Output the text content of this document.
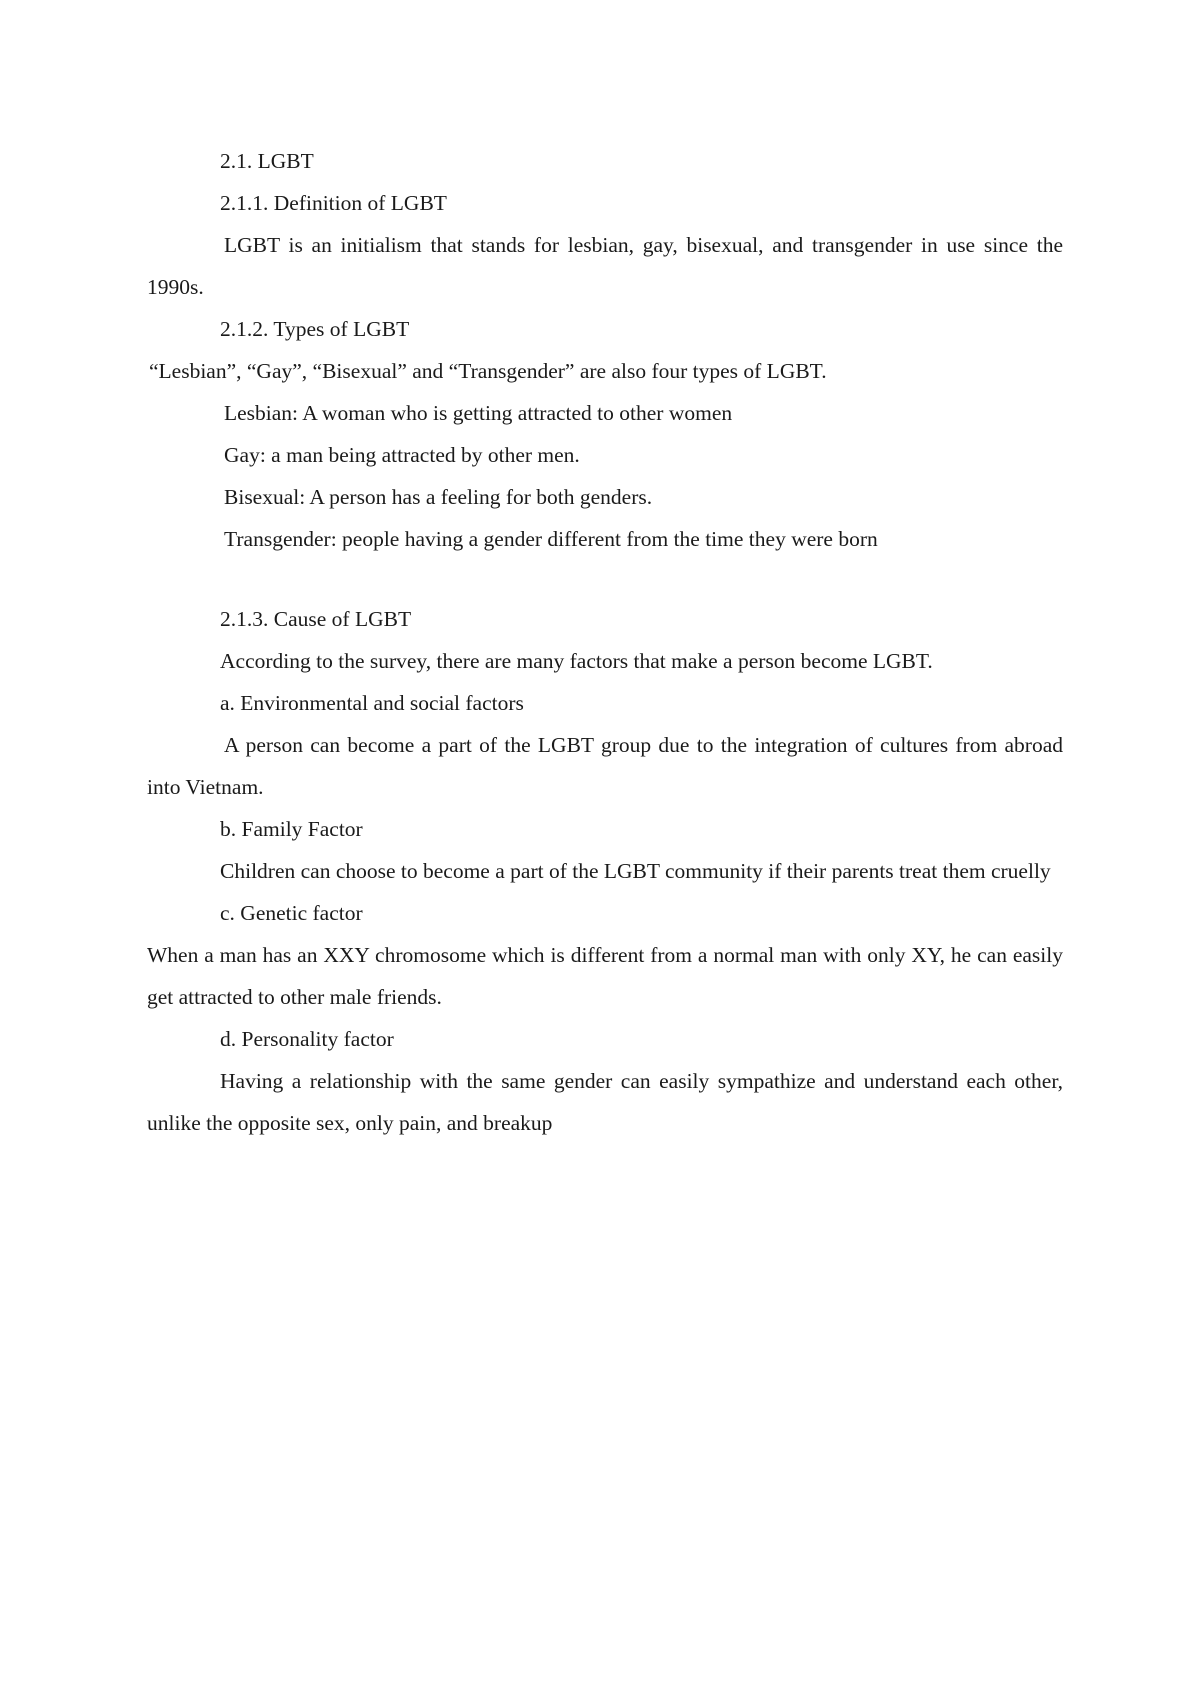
2.1. LGBT

2.1.1. Definition of LGBT

LGBT is an initialism that stands for lesbian, gay, bisexual, and transgender in use since the 1990s.

2.1.2. Types of LGBT

“Lesbian”, “Gay”, “Bisexual” and “Transgender” are also four types of LGBT.

Lesbian: A woman who is getting attracted to other women

Gay: a man being attracted by other men.

Bisexual: A person has a feeling for both genders.

Transgender: people having a gender different from the time they were born

2.1.3. Cause of LGBT

According to the survey, there are many factors that make a person become LGBT.

a. Environmental and social factors

A person can become a part of the LGBT group due to the integration of cultures from abroad into Vietnam.

b. Family Factor

Children can choose to become a part of the LGBT community if their parents treat them cruelly

c. Genetic factor

When a man has an XXY chromosome which is different from a normal man with only XY, he can easily get attracted to other male friends.

d. Personality factor

Having a relationship with the same gender can easily sympathize and understand each other, unlike the opposite sex, only pain, and breakup
